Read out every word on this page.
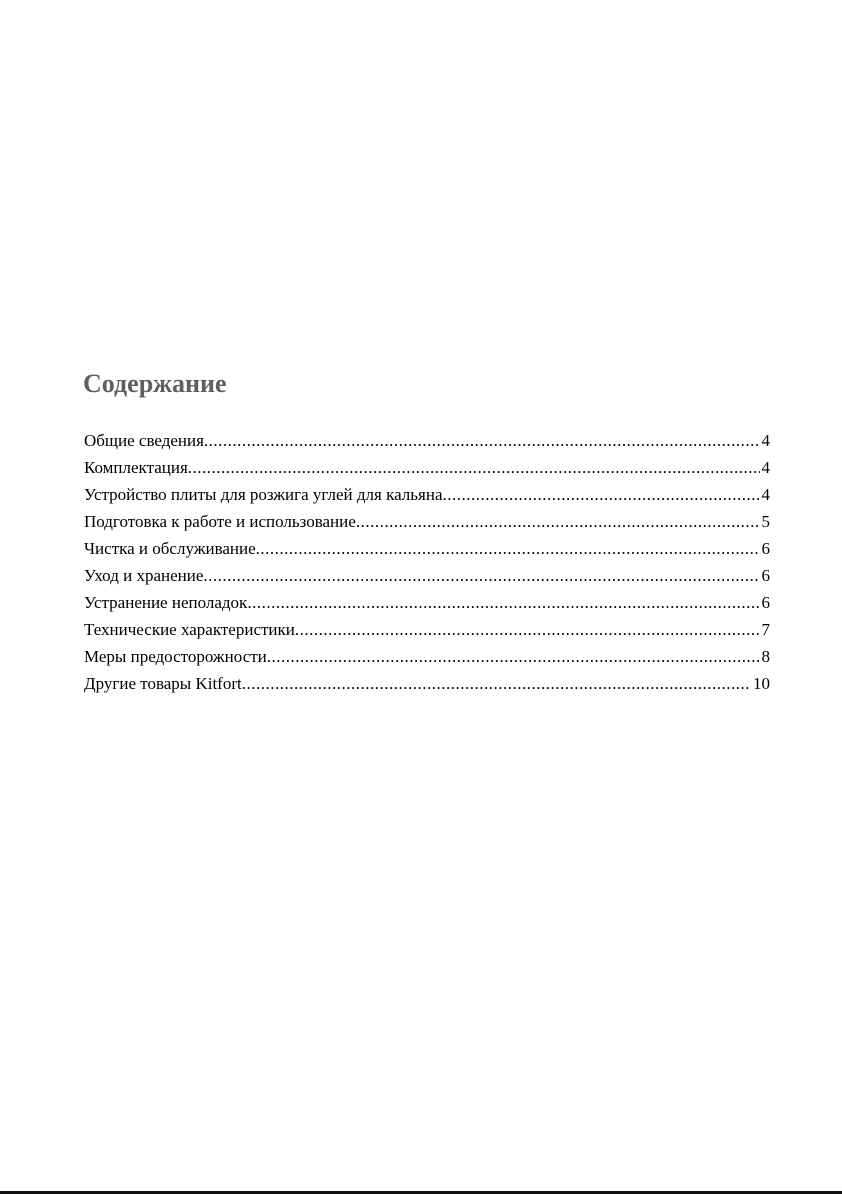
Содержание
Общие сведения .....	4
Комплектация .....	4
Устройство плиты для розжига углей для кальяна .....	4
Подготовка к работе и использование .....	5
Чистка и обслуживание .....	6
Уход и хранение .....	6
Устранение неполадок .....	6
Технические характеристики .....	7
Меры предосторожности .....	8
Другие товары Kitfort .....	10
